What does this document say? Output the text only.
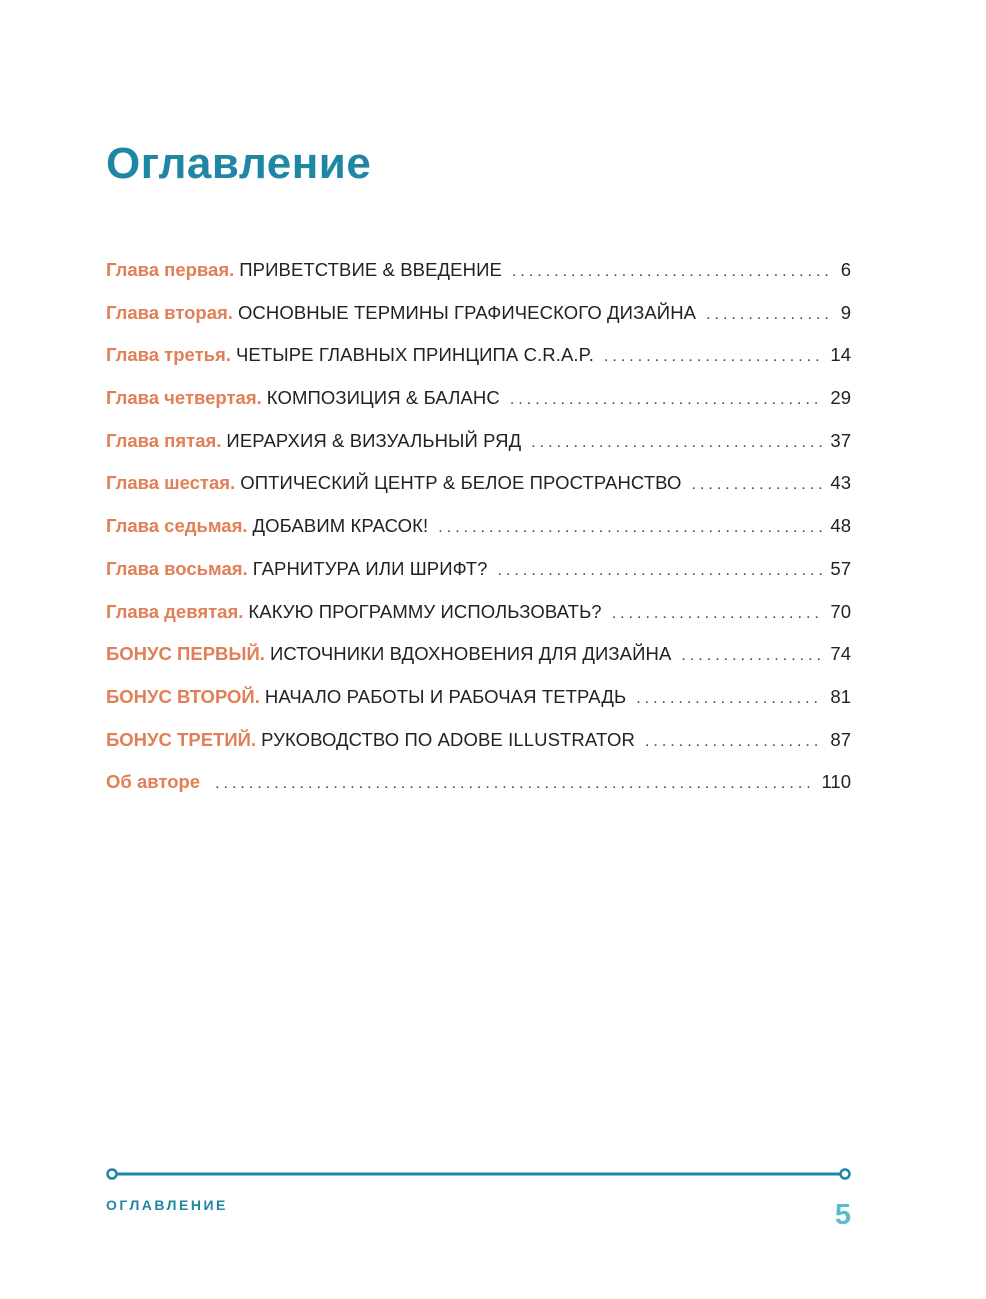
Оглавление
Глава первая. ПРИВЕТСТВИЕ & ВВЕДЕНИЕ .....	6
Глава вторая. ОСНОВНЫЕ ТЕРМИНЫ ГРАФИЧЕСКОГО ДИЗАЙНА .....	9
Глава третья. ЧЕТЫРЕ ГЛАВНЫХ ПРИНЦИПА C.R.A.P. .....	14
Глава четвертая. КОМПОЗИЦИЯ & БАЛАНС .....	29
Глава пятая. ИЕРАРХИЯ & ВИЗУАЛЬНЫЙ РЯД .....	37
Глава шестая. ОПТИЧЕСКИЙ ЦЕНТР & БЕЛОЕ ПРОСТРАНСТВО .....	43
Глава седьмая. ДОБАВИМ КРАСОК! .....	48
Глава восьмая. ГАРНИТУРА ИЛИ ШРИФТ? .....	57
Глава девятая. КАКУЮ ПРОГРАММУ ИСПОЛЬЗОВАТЬ? .....	70
БОНУС ПЕРВЫЙ. ИСТОЧНИКИ ВДОХНОВЕНИЯ ДЛЯ ДИЗАЙНА .....	74
БОНУС ВТОРОЙ. НАЧАЛО РАБОТЫ И РАБОЧАЯ ТЕТРАДЬ .....	81
БОНУС ТРЕТИЙ. РУКОВОДСТВО ПО ADOBE ILLUSTRATOR .....	87
Об авторе .....	110
ОГЛАВЛЕНИЕ	5
